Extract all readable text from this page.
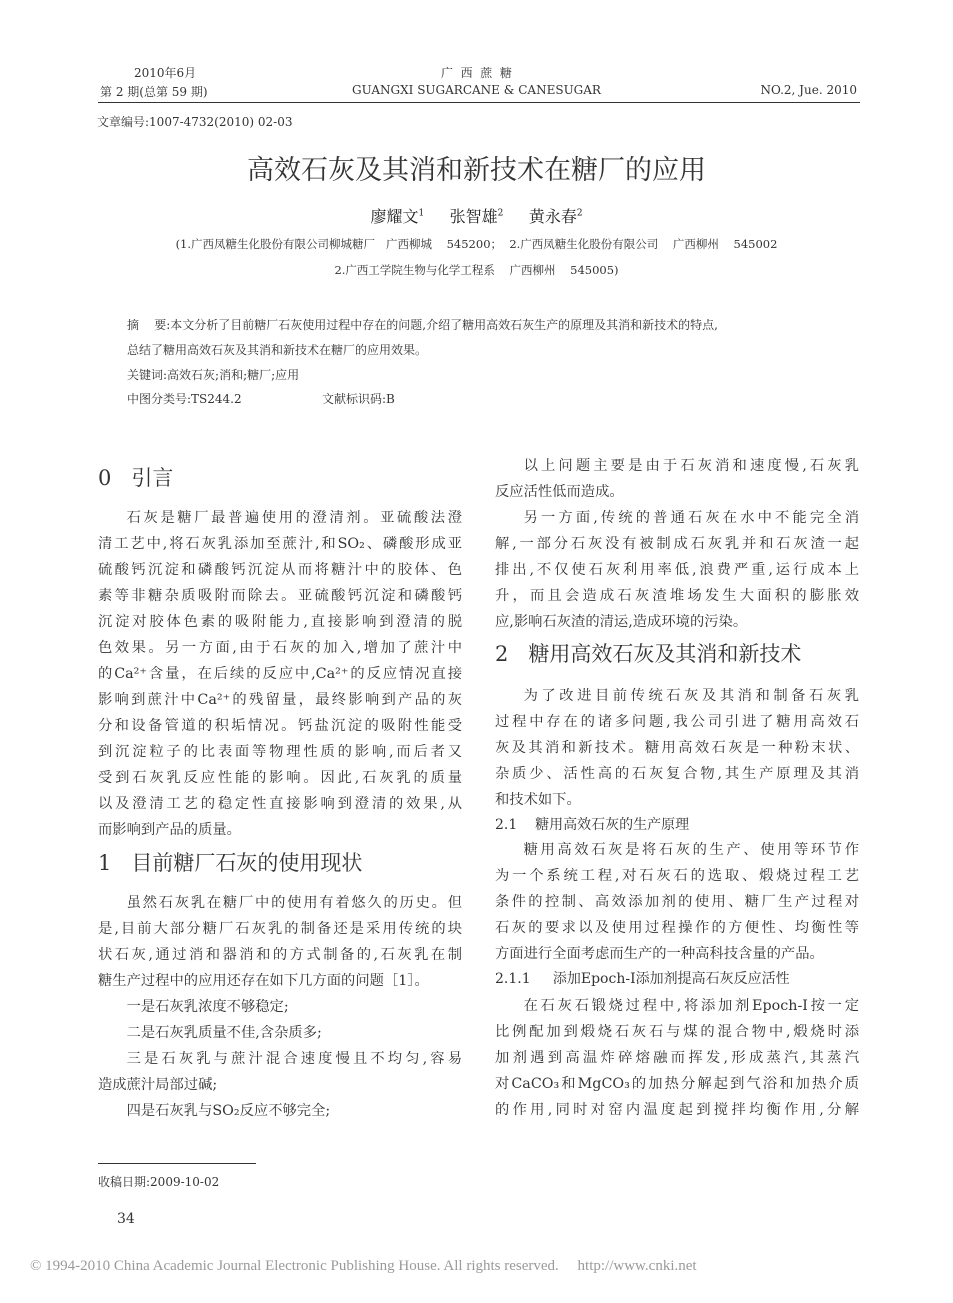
2010年6月
第 2 期(总第 59 期)
广  西  蔗  糖
GUANGXI SUGARCANE & CANESUGAR	NO.2, Jue. 2010
文章编号:1007-4732(2010) 02-03
高效石灰及其消和新技术在糖厂的应用
廖耀文$^1$ 张智雄$^2$ 黄永春$^2$
(1.广西凤糖生化股份有限公司柳城糖厂   广西柳城    545200；  2.广西凤糖生化股份有限公司    广西柳州    545002
2.广西工学院生物与化学工程系    广西柳州    545005)
摘    要:本文分析了目前糖厂石灰使用过程中存在的问题,介绍了糖用高效石灰生产的原理及其消和新技术的特点,
总结了糖用高效石灰及其消和新技术在糖厂的应用效果。
关键词:高效石灰;消和;糖厂;应用
中图分类号:TS244.2	文献标识码:B
0   引言
石灰是糖厂最普遍使用的澄清剂。亚硫酸法澄
清工艺中,将石灰乳添加至蔗汁,和SO₂、磷酸形成亚
硫酸钙沉淀和磷酸钙沉淀从而将糖汁中的胶体、色
素等非糖杂质吸附而除去。亚硫酸钙沉淀和磷酸钙
沉淀对胶体色素的吸附能力,直接影响到澄清的脱
色效果。另一方面,由于石灰的加入,增加了蔗汁中
的Ca²⁺含量，在后续的反应中,Ca²⁺的反应情况直接
影响到蔗汁中Ca²⁺的残留量，最终影响到产品的灰
分和设备管道的积垢情况。钙盐沉淀的吸附性能受
到沉淀粒子的比表面等物理性质的影响,而后者又
受到石灰乳反应性能的影响。因此,石灰乳的质量
以及澄清工艺的稳定性直接影响到澄清的效果,从
而影响到产品的质量。
1   目前糖厂石灰的使用现状
虽然石灰乳在糖厂中的使用有着悠久的历史。但
是,目前大部分糖厂石灰乳的制备还是采用传统的块
状石灰,通过消和器消和的方式制备的,石灰乳在制
糖生产过程中的应用还存在如下几方面的问题［1］。
一是石灰乳浓度不够稳定;
二是石灰乳质量不佳,含杂质多;
三是石灰乳与蔗汁混合速度慢且不均匀,容易
造成蔗汁局部过碱;
四是石灰乳与SO₂反应不够完全;
以上问题主要是由于石灰消和速度慢,石灰乳
反应活性低而造成。
另一方面,传统的普通石灰在水中不能完全消
解,一部分石灰没有被制成石灰乳并和石灰渣一起
排出,不仅使石灰利用率低,浪费严重,运行成本上
升，而且会造成石灰渣堆场发生大面积的膨胀效
应,影响石灰渣的清运,造成环境的污染。
2   糖用高效石灰及其消和新技术
为了改进目前传统石灰及其消和制备石灰乳
过程中存在的诸多问题,我公司引进了糖用高效石
灰及其消和新技术。糖用高效石灰是一种粉末状、
杂质少、活性高的石灰复合物,其生产原理及其消
和技术如下。
2.1    糖用高效石灰的生产原理
糖用高效石灰是将石灰的生产、使用等环节作
为一个系统工程,对石灰石的选取、煅烧过程工艺
条件的控制、高效添加剂的使用、糖厂生产过程对
石灰的要求以及使用过程操作的方便性、均衡性等
方面进行全面考虑而生产的一种高科技含量的产品。
2.1.1     添加Epoch-I添加剂提高石灰反应活性
在石灰石锻烧过程中,将添加剂Epoch-I按一定
比例配加到煅烧石灰石与煤的混合物中,煅烧时添
加剂遇到高温炸碎熔融而挥发,形成蒸汽,其蒸汽
对CaCO₃和MgCO₃的加热分解起到气浴和加热介质
的作用,同时对窑内温度起到搅拌均衡作用,分解
收稿日期:2009-10-02
34
© 1994-2010 China Academic Journal Electronic Publishing House. All rights reserved.     http://www.cnki.net
